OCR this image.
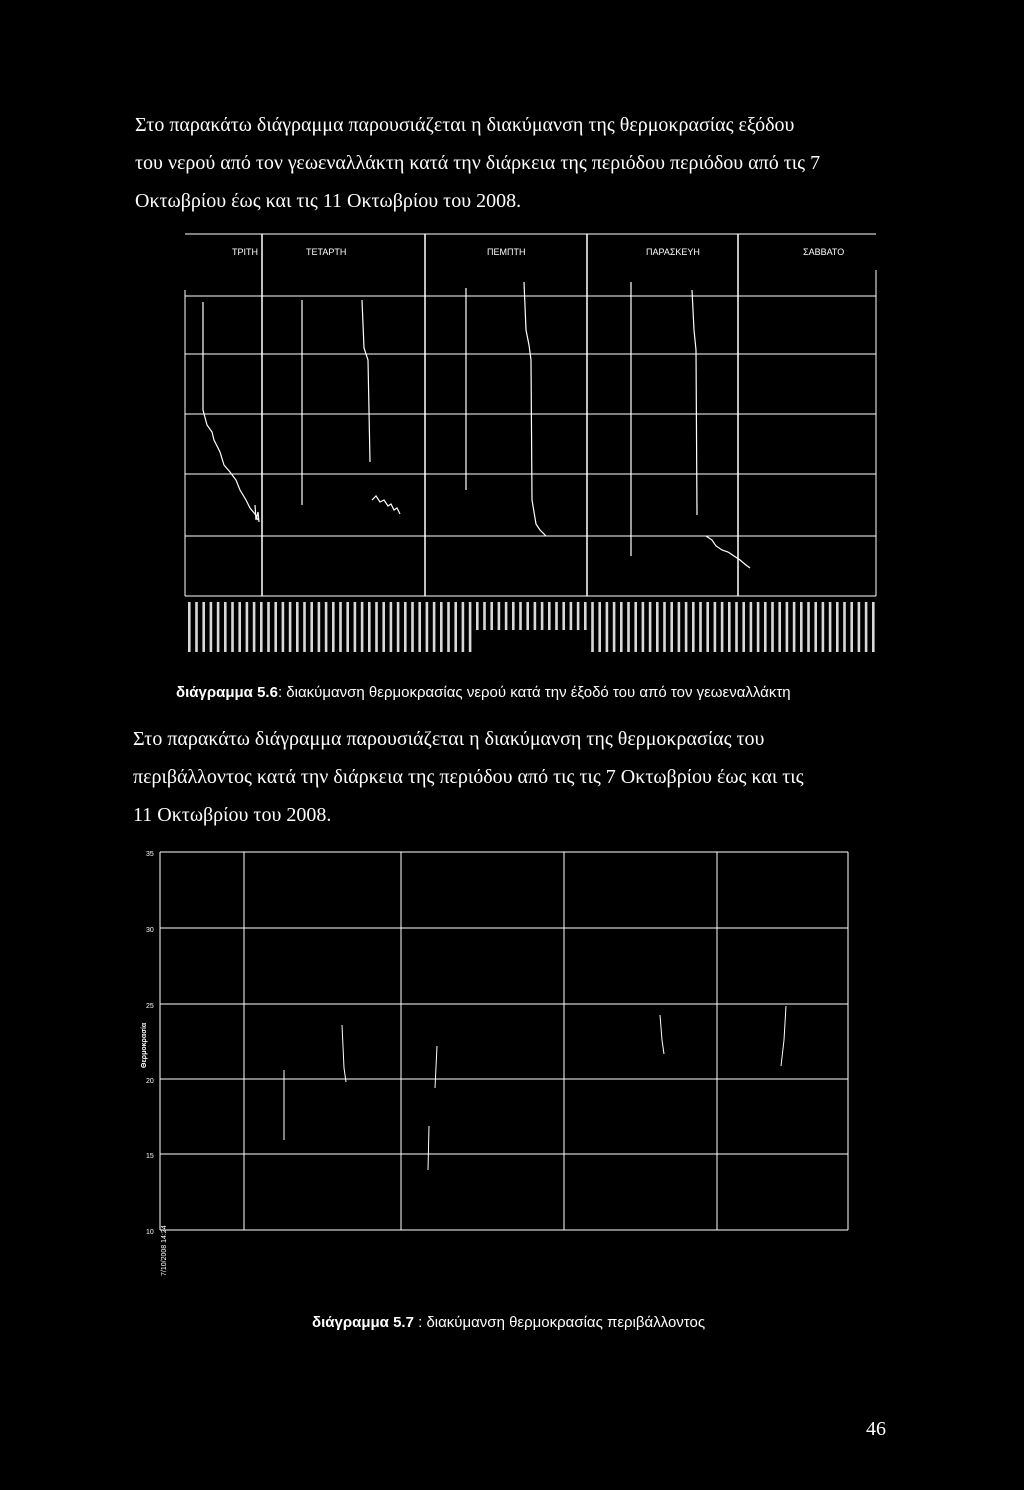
Στο παρακάτω διάγραμμα παρουσιάζεται η διακύμανση της θερμοκρασίας εξόδου
του νερού από τον γεωεναλλάκτη κατά την διάρκεια της περιόδου περιόδου από τις 7
Οκτωβρίου έως και τις 11 Οκτωβρίου του 2008.

ΤΡΙΤΗ	ΤΕΤΑΡΤΗ	ΠΕΜΠΤΗ	ΠΑΡΑΣΚΕΥΗ	ΣΑΒΒΑΤΟ
διάγραμμα 5.6: διακύμανση θερμοκρασίας νερού κατά την έξοδό του από τον γεωεναλλάκτη

Στο παρακάτω διάγραμμα παρουσιάζεται η διακύμανση της θερμοκρασίας του
περιβάλλοντος κατά την διάρκεια της περιόδου από τις τις 7 Οκτωβρίου έως και τις
11 Οκτωβρίου του 2008.

35
30
25
20
15
10
Θερμοκρασία
7/10/2008 14:24
διάγραμμα 5.7 : διακύμανση θερμοκρασίας περιβάλλοντος
46
